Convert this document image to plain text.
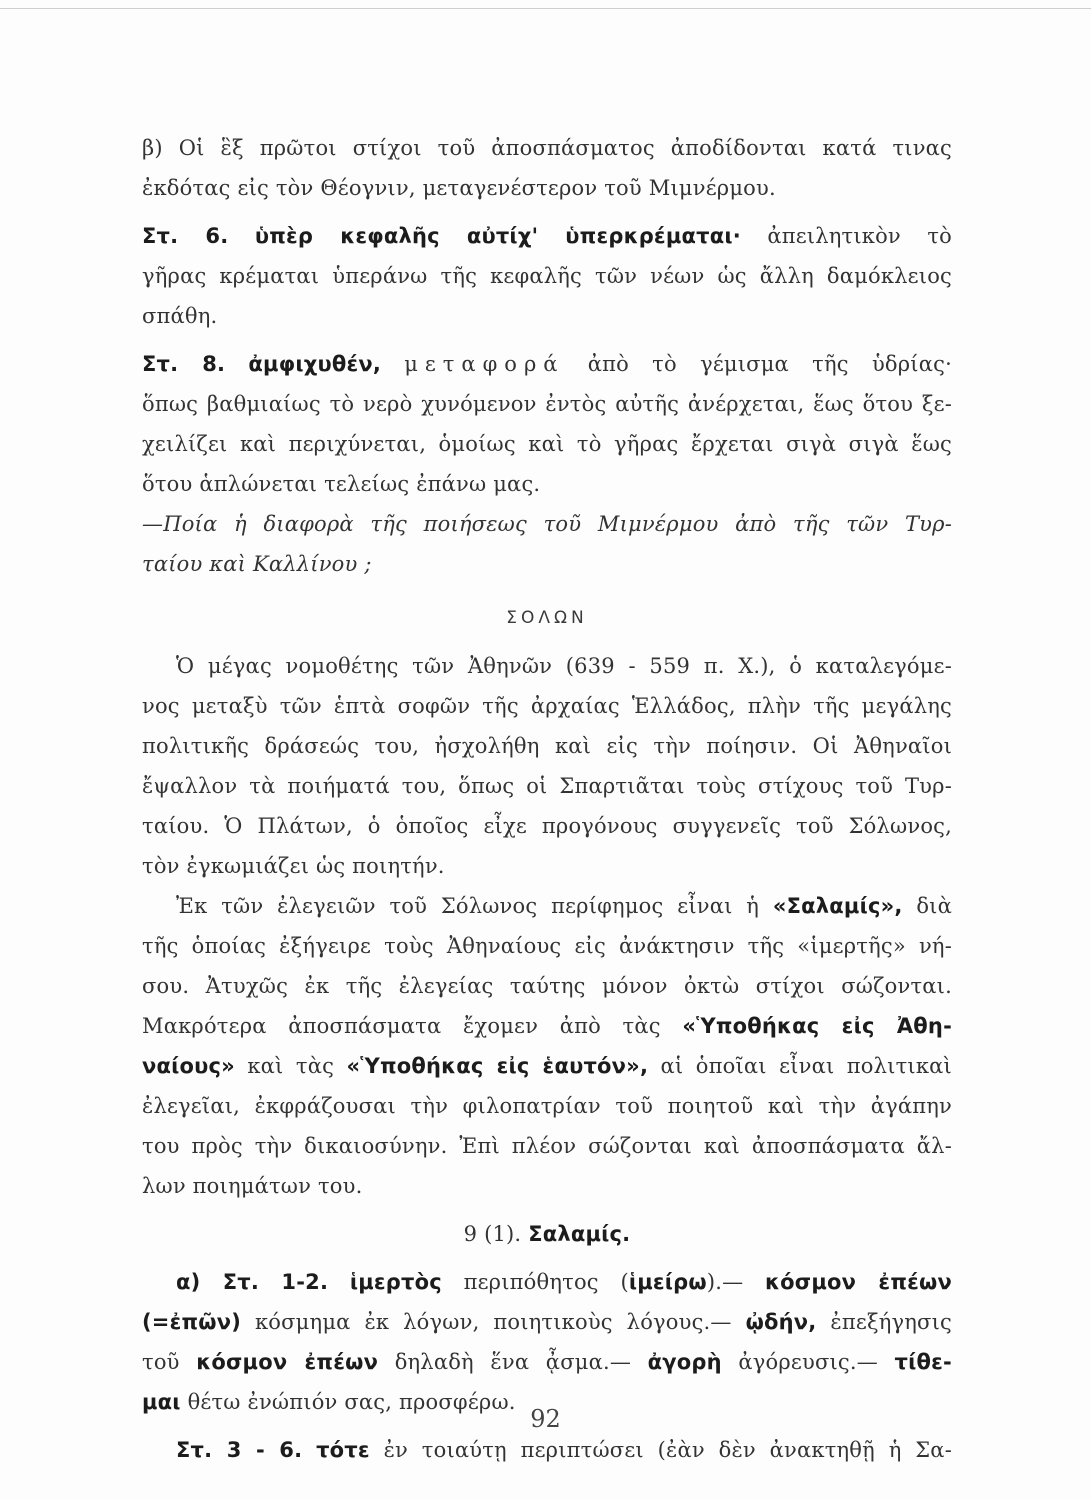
β) Οἱ ἓξ πρῶτοι στίχοι τοῦ ἀποσπάσματος ἀποδίδονται κατά τινας
ἐκδότας εἰς τὸν Θέογνιν, μεταγενέστερον τοῦ Μιμνέρμου.
Στ. 6. ὑπὲρ κεφαλῆς αὐτίχ' ὑπερκρέμαται· ἀπειλητικὸν τὸ
γῆρας κρέμαται ὑπεράνω τῆς κεφαλῆς τῶν νέων ὡς ἄλλη δαμόκλειος
σπάθη.
Στ. 8. ἀμφιχυθέν, μεταφορά ἀπὸ τὸ γέμισμα τῆς ὑδρίας·
ὅπως βαθμιαίως τὸ νερὸ χυνόμενον ἐντὸς αὐτῆς ἀνέρχεται, ἕως ὅτου ξε-
χειλίζει καὶ περιχύνεται, ὁμοίως καὶ τὸ γῆρας ἔρχεται σιγὰ σιγὰ ἕως
ὅτου ἁπλώνεται τελείως ἐπάνω μας.
—Ποία ἡ διαφορὰ τῆς ποιήσεως τοῦ Μιμνέρμου ἀπὸ τῆς τῶν Τυρ-
ταίου καὶ Καλλίνου ;
ΣΟΛΩΝ
Ὁ μέγας νομοθέτης τῶν Ἀθηνῶν (639 - 559 π. Χ.), ὁ καταλεγόμε-
νος μεταξὺ τῶν ἑπτὰ σοφῶν τῆς ἀρχαίας Ἑλλάδος, πλὴν τῆς μεγάλης
πολιτικῆς δράσεώς του, ἠσχολήθη καὶ εἰς τὴν ποίησιν. Οἱ Ἀθηναῖοι
ἔψαλλον τὰ ποιήματά του, ὅπως οἱ Σπαρτιᾶται τοὺς στίχους τοῦ Τυρ-
ταίου. Ὁ Πλάτων, ὁ ὁποῖος εἶχε προγόνους συγγενεῖς τοῦ Σόλωνος,
τὸν ἐγκωμιάζει ὡς ποιητήν.
Ἐκ τῶν ἐλεγειῶν τοῦ Σόλωνος περίφημος εἶναι ἡ «Σαλαμίς», διὰ
τῆς ὁποίας ἐξήγειρε τοὺς Ἀθηναίους εἰς ἀνάκτησιν τῆς «ἱμερτῆς» νή-
σου. Ἀτυχῶς ἐκ τῆς ἐλεγείας ταύτης μόνον ὀκτὼ στίχοι σώζονται.
Μακρότερα ἀποσπάσματα ἔχομεν ἀπὸ τὰς «Ὑποθήκας εἰς Ἀθη-
ναίους» καὶ τὰς «Ὑποθήκας εἰς ἑαυτόν», αἱ ὁποῖαι εἶναι πολιτικαὶ
ἐλεγεῖαι, ἐκφράζουσαι τὴν φιλοπατρίαν τοῦ ποιητοῦ καὶ τὴν ἀγάπην
του πρὸς τὴν δικαιοσύνην. Ἐπὶ πλέον σώζονται καὶ ἀποσπάσματα ἄλ-
λων ποιημάτων του.
9 (1). Σαλαμίς.
α) Στ. 1-2. ἱμερτὸς περιπόθητος (ἱμείρω).— κόσμον ἐπέων
(=ἐπῶν) κόσμημα ἐκ λόγων, ποιητικοὺς λόγους.— ᾠδήν, ἐπεξήγησις
τοῦ κόσμον ἐπέων δηλαδὴ ἕνα ᾆσμα.— ἀγορὴ ἀγόρευσις.— τίθε-
μαι θέτω ἐνώπιόν σας, προσφέρω.
Στ. 3 - 6. τότε ἐν τοιαύτῃ περιπτώσει (ἐὰν δὲν ἀνακτηθῇ ἡ Σα-
92
